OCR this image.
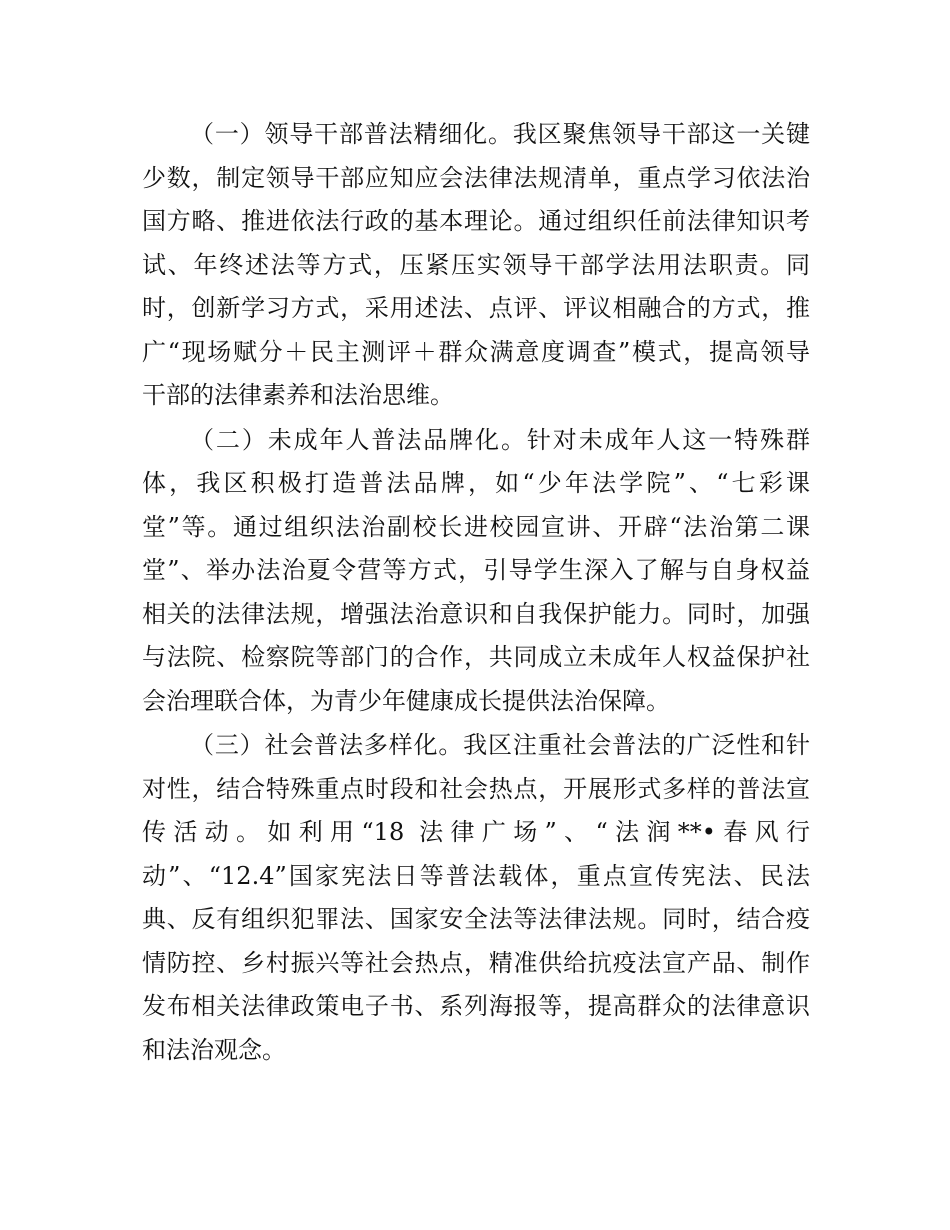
（一）领导干部普法精细化。我区聚焦领导干部这一关键
少数，制定领导干部应知应会法律法规清单，重点学习依法治
国方略、推进依法行政的基本理论。通过组织任前法律知识考
试、年终述法等方式，压紧压实领导干部学法用法职责。同
时，创新学习方式，采用述法、点评、评议相融合的方式，推
广“现场赋分＋民主测评＋群众满意度调查”模式，提高领导
干部的法律素养和法治思维。

（二）未成年人普法品牌化。针对未成年人这一特殊群
体，我区积极打造普法品牌，如“少年法学院”、“七彩课
堂”等。通过组织法治副校长进校园宣讲、开辟“法治第二课
堂”、举办法治夏令营等方式，引导学生深入了解与自身权益
相关的法律法规，增强法治意识和自我保护能力。同时，加强
与法院、检察院等部门的合作，共同成立未成年人权益保护社
会治理联合体，为青少年健康成长提供法治保障。

（三）社会普法多样化。我区注重社会普法的广泛性和针
对性，结合特殊重点时段和社会热点，开展形式多样的普法宣
传活动。如利用“18 法律广场”、“法润**•春风行
动”、“12.4”国家宪法日等普法载体，重点宣传宪法、民法
典、反有组织犯罪法、国家安全法等法律法规。同时，结合疫
情防控、乡村振兴等社会热点，精准供给抗疫法宣产品、制作
发布相关法律政策电子书、系列海报等，提高群众的法律意识
和法治观念。
